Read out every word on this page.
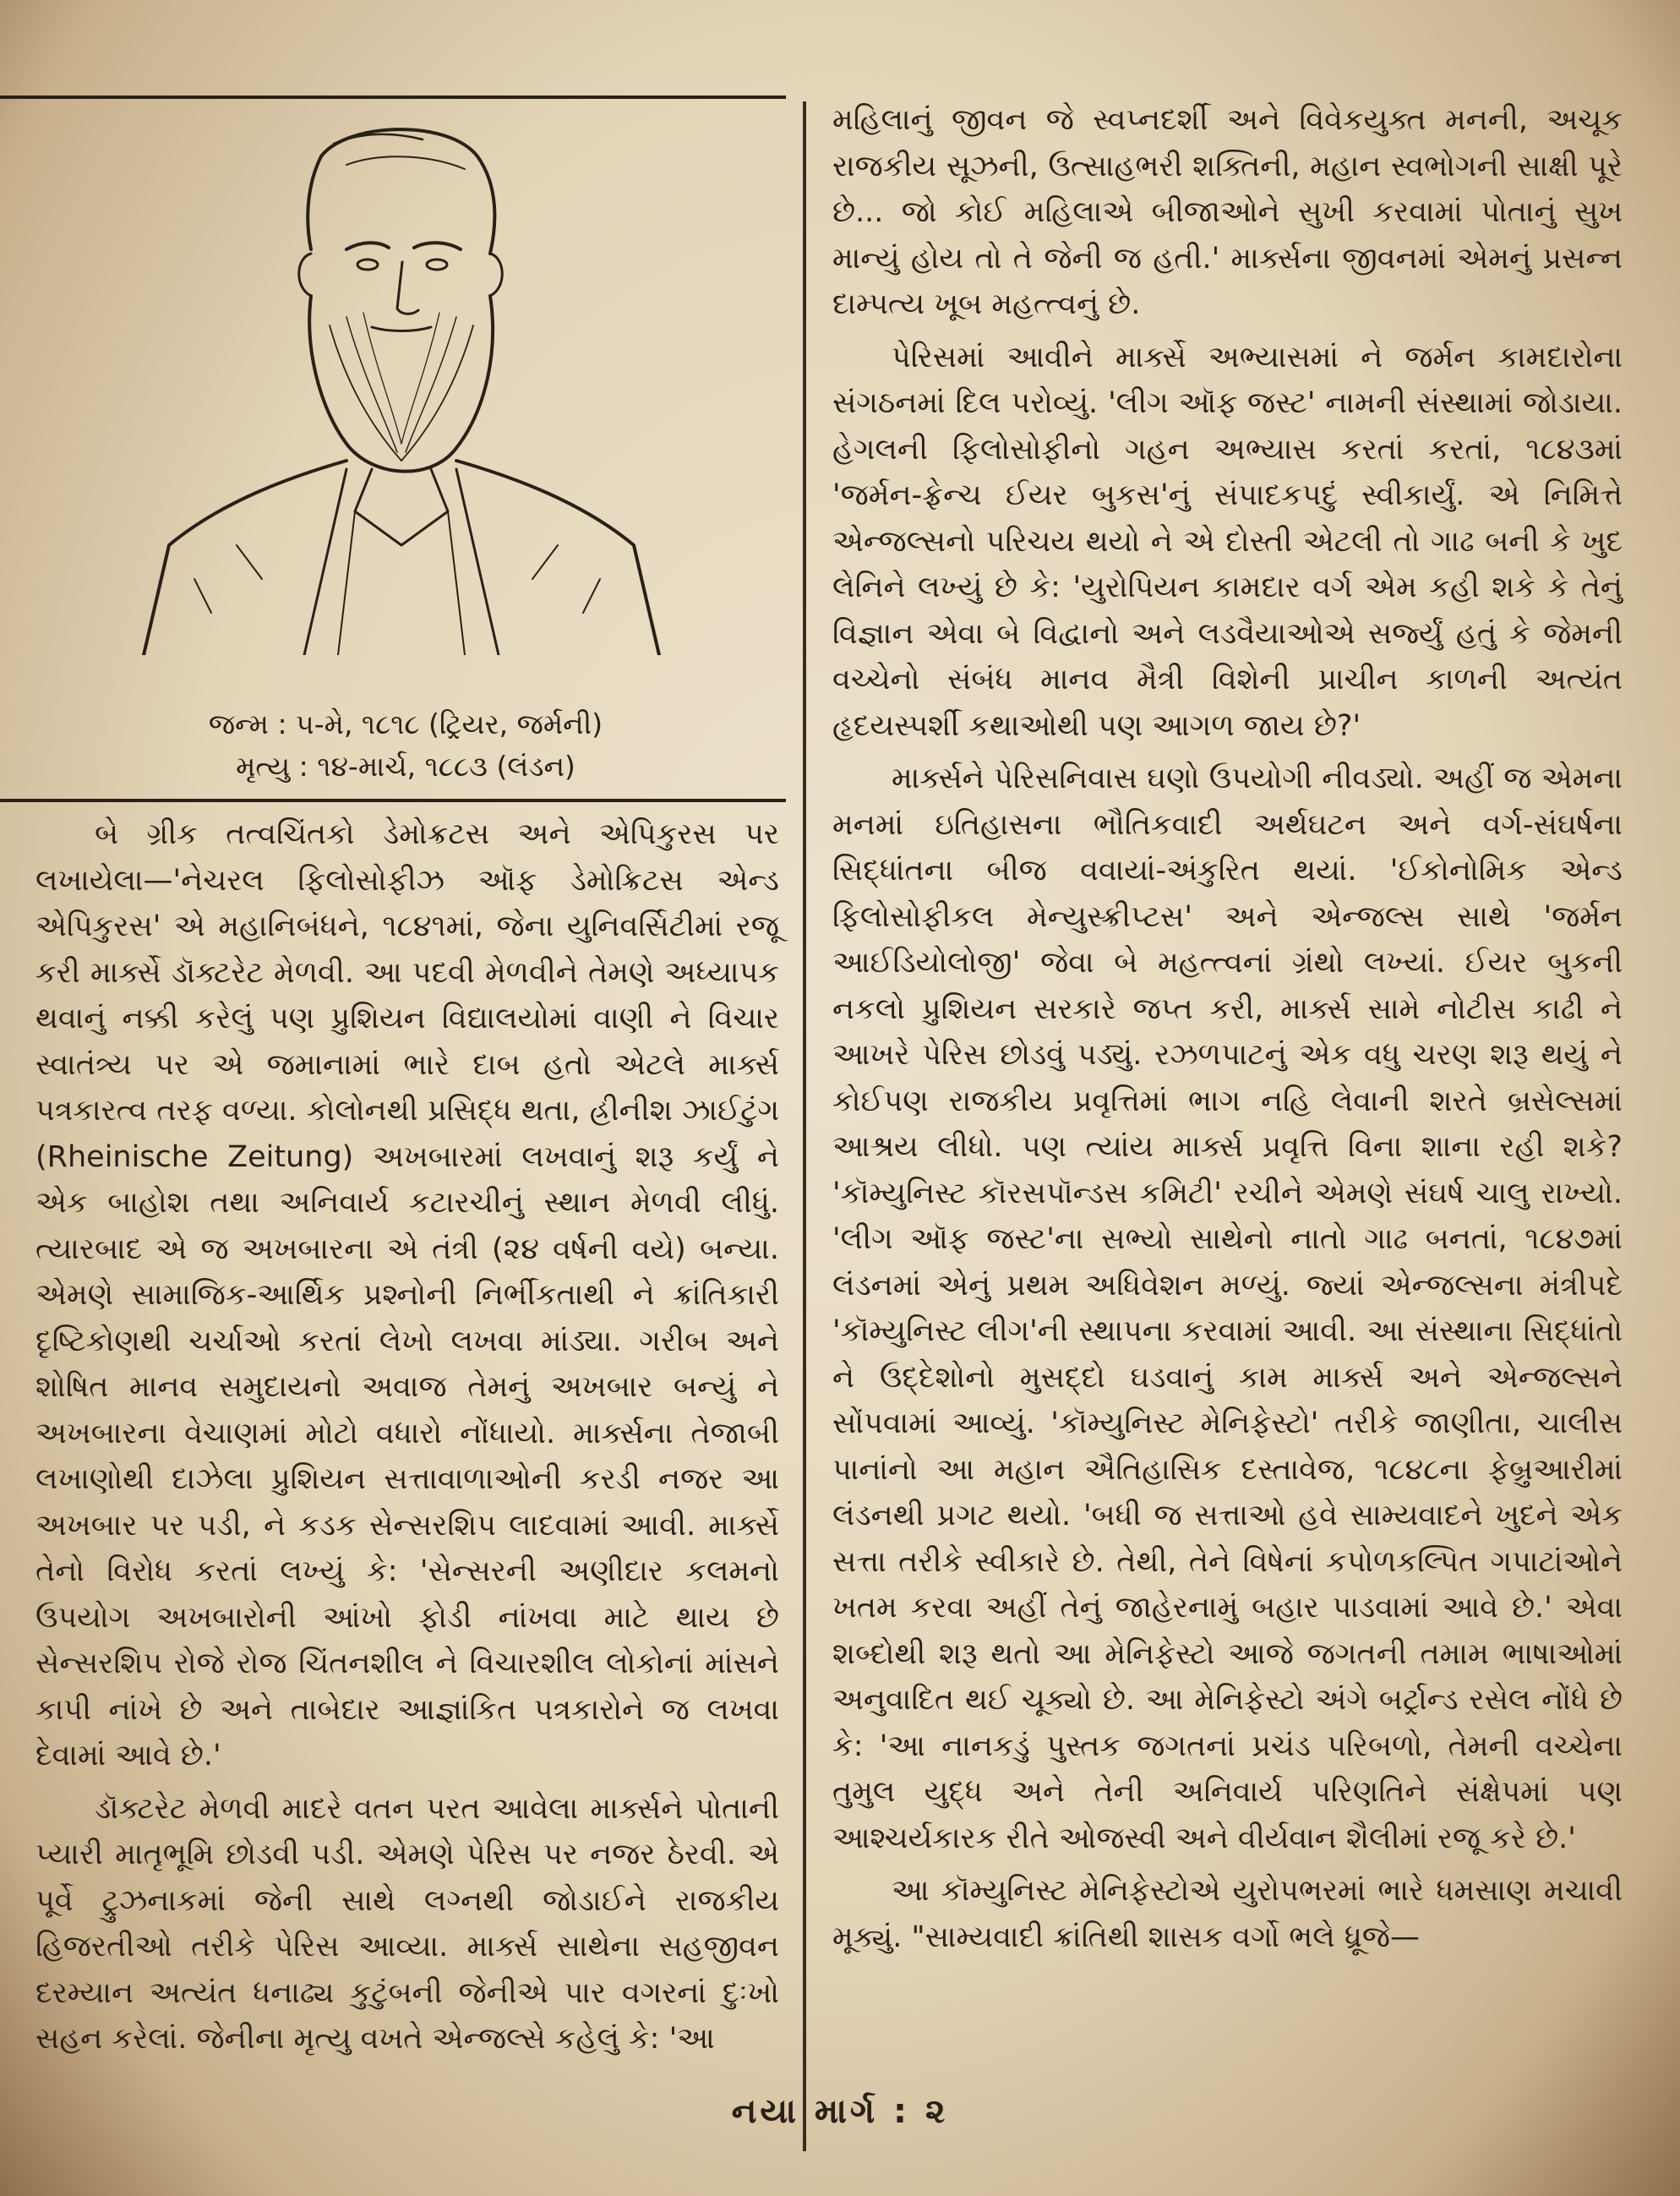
જન્મ : ૫-મે, ૧૮૧૮ (ટ્રિયર, જર્મની)
મૃત્યુ : ૧૪-માર્ચ, ૧૮૮૩ (લંડન)

બે ગ્રીક તત્વચિંતકો ડેમોક્રટસ અને એપિકુરસ પર લખાયેલા—'નેચરલ ફિલોસોફીઝ ઑફ ડેમોક્રિટસ એન્ડ એપિકુરસ' એ મહાનિબંધને, ૧૮૪૧માં, જેના યુનિવર્સિટીમાં રજૂ કરી માર્ક્સે ડૉક્ટરેટ મેળવી. આ પદવી મેળવીને તેમણે અધ્યાપક થવાનું નક્કી કરેલું પણ પ્રુશિયન વિદ્યાલયોમાં વાણી ને વિચાર સ્વાતંત્ર્ય પર એ જમાનામાં ભારે દાબ હતો એટલે માર્ક્સ પત્રકારત્વ તરફ વળ્યા. કોલોનથી પ્રસિદ્ધ થતા, હ્રીનીશ ઝાઈટુંગ (Rheinische Zeitung) અખબારમાં લખવાનું શરૂ કર્યું ને એક બાહોશ તથા અનિવાર્ય કટારચીનું સ્થાન મેળવી લીધું. ત્યારબાદ એ જ અખબારના એ તંત્રી (૨૪ વર્ષની વયે) બન્યા. એમણે સામાજિક-આર્થિક પ્રશ્નોની નિર્ભીકતાથી ને ક્રાંતિકારી દૃષ્ટિકોણથી ચર્ચાઓ કરતાં લેખો લખવા માંડ્યા. ગરીબ અને શોષિત માનવ સમુદાયનો અવાજ તેમનું અખબાર બન્યું ને અખબારના વેચાણમાં મોટો વધારો નોંધાયો. માર્ક્સના તેજાબી લખાણોથી દાઝેલા પ્રુશિયન સત્તાવાળાઓની કરડી નજર આ અખબાર પર પડી, ને કડક સેન્સરશિપ લાદવામાં આવી. માર્ક્સે તેનો વિરોધ કરતાં લખ્યું કે: 'સેન્સરની અણીદાર કલમનો ઉપયોગ અખબારોની આંખો ફોડી નાંખવા માટે થાય છે સેન્સરશિપ રોજે રોજ ચિંતનશીલ ને વિચારશીલ લોકોનાં માંસને કાપી નાંખે છે અને તાબેદાર આજ્ઞાંકિત પત્રકારોને જ લખવા દેવામાં આવે છે.'

ડૉક્ટરેટ મેળવી માદરે વતન પરત આવેલા માર્ક્સને પોતાની પ્યારી માતૃભૂમિ છોડવી પડી. એમણે પેરિસ પર નજર ઠેરવી. એ પૂર્વે ટ્રુઝનાકમાં જેની સાથે લગ્નથી જોડાઈને રાજકીય હિજરતીઓ તરીકે પેરિસ આવ્યા. માર્ક્સ સાથેના સહજીવન દરમ્યાન અત્યંત ધનાઢ્ય કુટુંબની જેનીએ પાર વગરનાં દુઃખો સહન કરેલાં. જેનીના મૃત્યુ વખતે એન્જલ્સે કહેલું કે: 'આ

મહિલાનું જીવન જે સ્વપ્નદર્શી અને વિવેકયુક્ત મનની, અચૂક રાજકીય સૂઝની, ઉત્સાહભરી શક્તિની, મહાન સ્વભોગની સાક્ષી પૂરે છે... જો કોઈ મહિલાએ બીજાઓને સુખી કરવામાં પોતાનું સુખ માન્યું હોય તો તે જેની જ હતી.' માર્ક્સના જીવનમાં એમનું પ્રસન્ન દામ્પત્ય ખૂબ મહત્ત્વનું છે.

પેરિસમાં આવીને માર્ક્સે અભ્યાસમાં ને જર્મન કામદારોના સંગઠનમાં દિલ પરોવ્યું. 'લીગ ઑફ જસ્ટ' નામની સંસ્થામાં જોડાયા. હેગલની ફિલોસોફીનો ગહન અભ્યાસ કરતાં કરતાં, ૧૮૪૩માં 'જર્મન-ફ્રેન્ચ ઈયર બુકસ'નું સંપાદકપદું સ્વીકાર્યું. એ નિમિત્તે એન્જલ્સનો પરિચય થયો ને એ દોસ્તી એટલી તો ગાઢ બની કે ખુદ લેનિને લખ્યું છે કે: 'યુરોપિયન કામદાર વર્ગ એમ કહી શકે કે તેનું વિજ્ઞાન એવા બે વિદ્વાનો અને લડવૈયાઓએ સર્જ્યું હતું કે જેમની વચ્ચેનો સંબંધ માનવ મૈત્રી વિશેની પ્રાચીન કાળની અત્યંત હૃદયસ્પર્શી કથાઓથી પણ આગળ જાય છે?'

માર્ક્સને પેરિસનિવાસ ઘણો ઉપયોગી નીવડ્યો. અહીં જ એમના મનમાં ઇતિહાસના ભૌતિકવાદી અર્થઘટન અને વર્ગ-સંઘર્ષના સિદ્ધાંતના બીજ વવાયાં-અંકુરિત થયાં. 'ઈકોનોમિક એન્ડ ફિલોસોફીકલ મેન્યુસ્ક્રીપ્ટસ' અને એન્જલ્સ સાથે 'જર્મન આઈડિયોલોજી' જેવા બે મહત્ત્વનાં ગ્રંથો લખ્યાં. ઈયર બુકની નકલો પ્રુશિયન સરકારે જપ્ત કરી, માર્ક્સ સામે નોટીસ કાઢી ને આખરે પેરિસ છોડવું પડ્યું. રઝળપાટનું એક વધુ ચરણ શરૂ થયું ને કોઈપણ રાજકીય પ્રવૃત્તિમાં ભાગ નહિ લેવાની શરતે બ્રસેલ્સમાં આશ્રય લીધો. પણ ત્યાંય માર્ક્સ પ્રવૃત્તિ વિના શાના રહી શકે? 'કૉમ્યુનિસ્ટ કૉરસપૉન્ડસ કમિટી' રચીને એમણે સંઘર્ષ ચાલુ રાખ્યો. 'લીગ ઑફ જસ્ટ'ના સભ્યો સાથેનો નાતો ગાઢ બનતાં, ૧૮૪૭માં લંડનમાં એનું પ્રથમ અધિવેશન મળ્યું. જ્યાં એન્જલ્સના મંત્રીપદે 'કૉમ્યુનિસ્ટ લીગ'ની સ્થાપના કરવામાં આવી. આ સંસ્થાના સિદ્ધાંતો ને ઉદ્દેશોનો મુસદ્દો ઘડવાનું કામ માર્ક્સ અને એન્જલ્સને સોંપવામાં આવ્યું. 'કૉમ્યુનિસ્ટ મેનિફેસ્ટો' તરીકે જાણીતા, ચાલીસ પાનાંનો આ મહાન ઐતિહાસિક દસ્તાવેજ, ૧૮૪૮ના ફેબ્રુઆરીમાં લંડનથી પ્રગટ થયો. 'બધી જ સત્તાઓ હવે સામ્યવાદને ખુદને એક સત્તા તરીકે સ્વીકારે છે. તેથી, તેને વિષેનાં કપોળકલ્પિત ગપાટાંઓને ખતમ કરવા અહીં તેનું જાહેરનામું બહાર પાડવામાં આવે છે.' એવા શબ્દોથી શરૂ થતો આ મેનિફેસ્ટો આજે જગતની તમામ ભાષાઓમાં અનુવાદિત થઈ ચૂક્યો છે. આ મેનિફેસ્ટો અંગે બર્ટ્રાન્ડ રસેલ નોંધે છે કે: 'આ નાનકડું પુસ્તક જગતનાં પ્રચંડ પરિબળો, તેમની વચ્ચેના તુમુલ યુદ્ધ અને તેની અનિવાર્ય પરિણતિને સંક્ષેપમાં પણ આશ્ચર્યકારક રીતે ઓજસ્વી અને વીર્યવાન શૈલીમાં રજૂ કરે છે.'

આ કૉમ્યુનિસ્ટ મેનિફેસ્ટોએ યુરોપભરમાં ભારે ધમસાણ મચાવી મૂક્યું. "સામ્યવાદી ક્રાંતિથી શાસક વર્ગો ભલે ધ્રૂજે—

નયા માર્ગ : ૨
